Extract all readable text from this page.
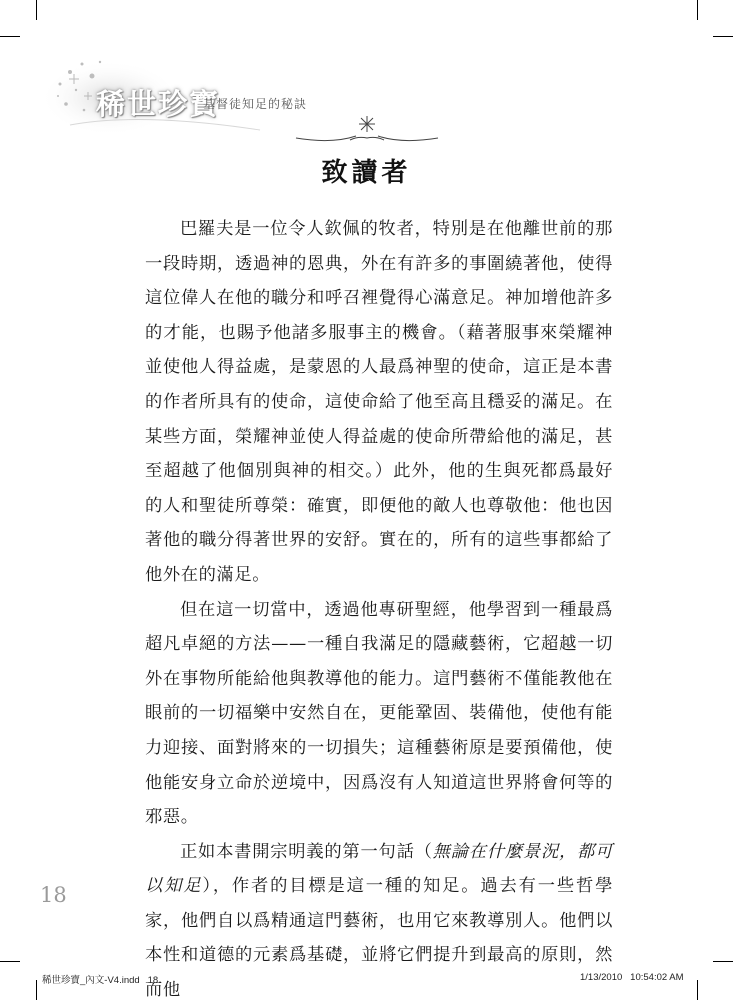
稀世珍寶
基督徒知足的秘訣
致讀者

巴羅夫是一位令人欽佩的牧者，特別是在他離世前的那一段時期，透過神的恩典，外在有許多的事圍繞著他，使得這位偉人在他的職分和呼召裡覺得心滿意足。神加增他許多的才能，也賜予他諸多服事主的機會。（藉著服事來榮耀神並使他人得益處，是蒙恩的人最爲神聖的使命，這正是本書的作者所具有的使命，這使命給了他至高且穩妥的滿足。在某些方面，榮耀神並使人得益處的使命所帶給他的滿足，甚至超越了他個別與神的相交。）此外，他的生與死都爲最好的人和聖徒所尊榮：確實，即便他的敵人也尊敬他：他也因著他的職分得著世界的安舒。實在的，所有的這些事都給了他外在的滿足。

但在這一切當中，透過他專研聖經，他學習到一種最爲超凡卓絕的方法——一種自我滿足的隱藏藝術，它超越一切外在事物所能給他與教導他的能力。這門藝術不僅能教他在眼前的一切福樂中安然自在，更能鞏固、裝備他，使他有能力迎接、面對將來的一切損失；這種藝術原是要預備他，使他能安身立命於逆境中，因爲沒有人知道這世界將會何等的邪惡。

正如本書開宗明義的第一句話（無論在什麼景況，都可以知足），作者的目標是這一種的知足。過去有一些哲學家，他們自以爲精通這門藝術，也用它來教導別人。他們以本性和道德的元素爲基礎，並將它們提升到最高的原則，然而他

18
稀世珍寶_內文-V4.indd   18	1/13/2010   10:54:02 AM
